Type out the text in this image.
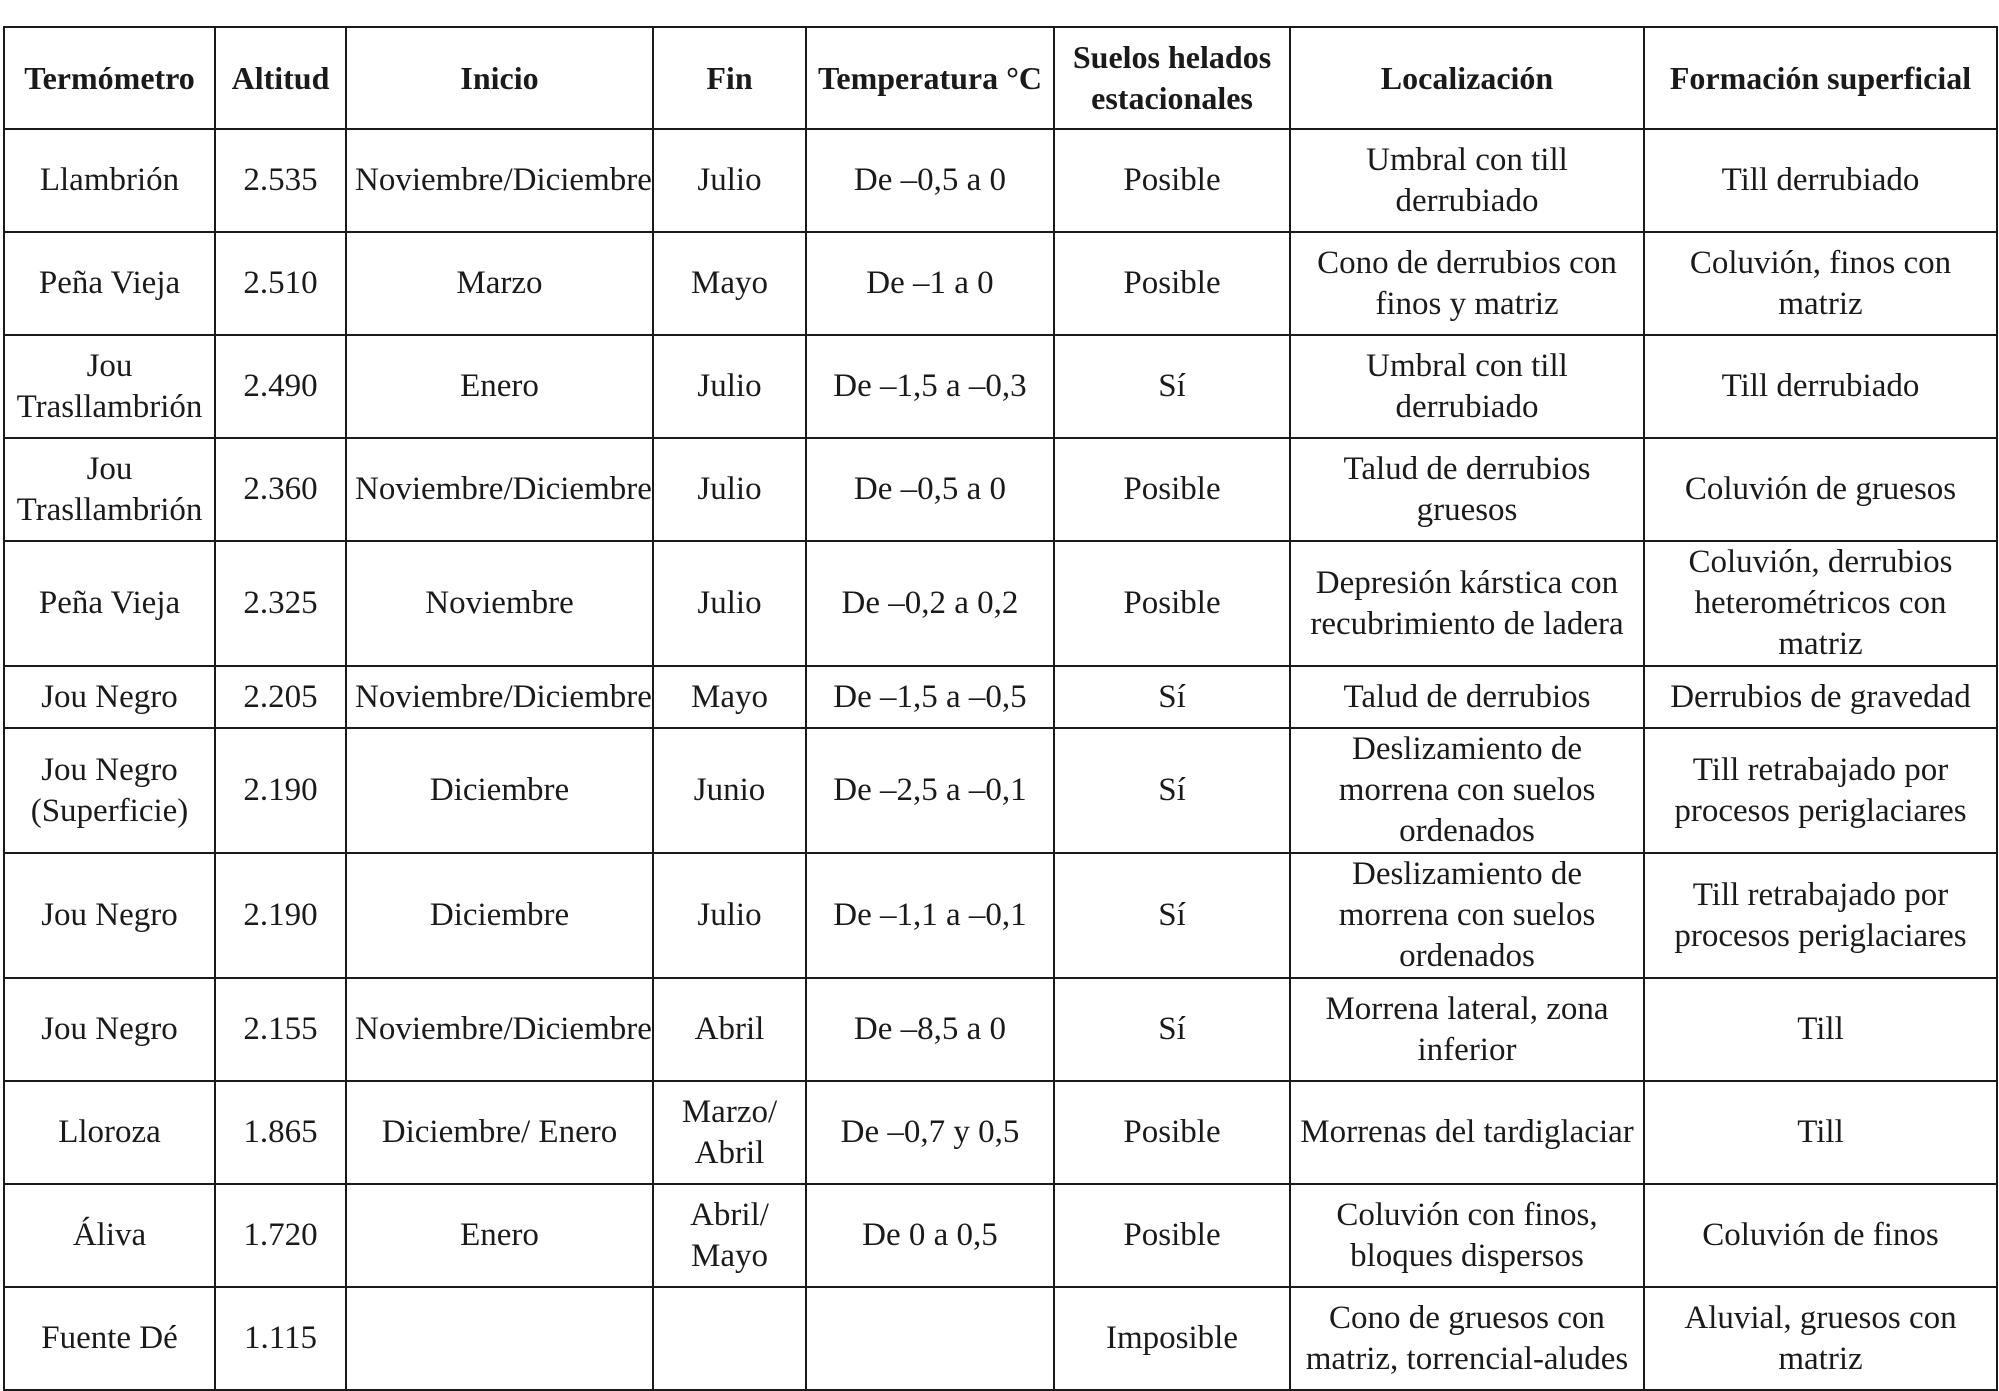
Termómetro	Altitud	Inicio	Fin	Temperatura °C	Suelos helados estacionales	Localización	Formación superficial
Llambrión	2.535	Noviembre/Diciembre	Julio	De –0,5 a 0	Posible	Umbral con till derrubiado	Till derrubiado
Peña Vieja	2.510	Marzo	Mayo	De –1 a 0	Posible	Cono de derrubios con finos y matriz	Coluvión, finos con matriz
Jou Trasllambrión	2.490	Enero	Julio	De –1,5 a –0,3	Sí	Umbral con till derrubiado	Till derrubiado
Jou Trasllambrión	2.360	Noviembre/Diciembre	Julio	De –0,5 a 0	Posible	Talud de derrubios gruesos	Coluvión de gruesos
Peña Vieja	2.325	Noviembre	Julio	De –0,2 a 0,2	Posible	Depresión kárstica con recubrimiento de ladera	Coluvión, derrubios heterométricos con matriz
Jou Negro	2.205	Noviembre/Diciembre	Mayo	De –1,5 a –0,5	Sí	Talud de derrubios	Derrubios de gravedad
Jou Negro (Superficie)	2.190	Diciembre	Junio	De –2,5 a –0,1	Sí	Deslizamiento de morrena con suelos ordenados	Till retrabajado por procesos periglaciares
Jou Negro	2.190	Diciembre	Julio	De –1,1 a –0,1	Sí	Deslizamiento de morrena con suelos ordenados	Till retrabajado por procesos periglaciares
Jou Negro	2.155	Noviembre/Diciembre	Abril	De –8,5 a 0	Sí	Morrena lateral, zona inferior	Till
Lloroza	1.865	Diciembre/ Enero	Marzo/ Abril	De –0,7 y 0,5	Posible	Morrenas del tardiglaciar	Till
Áliva	1.720	Enero	Abril/ Mayo	De 0 a 0,5	Posible	Coluvión con finos, bloques dispersos	Coluvión de finos
Fuente Dé	1.115				Imposible	Cono de gruesos con matriz, torrencial-aludes	Aluvial, gruesos con matriz
